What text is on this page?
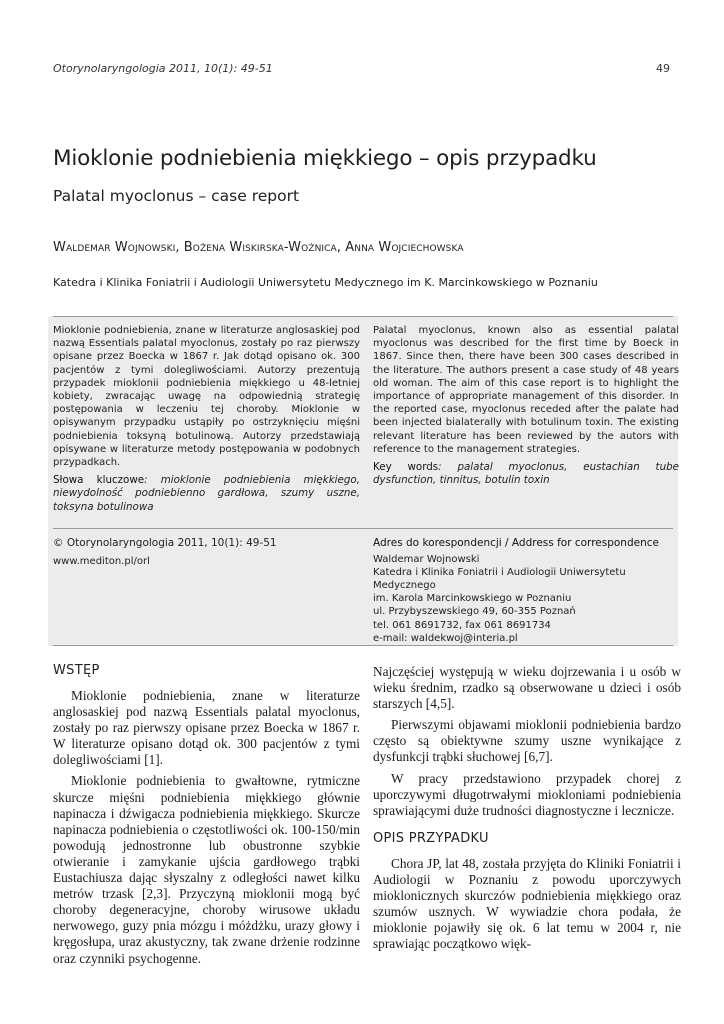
Otorynolaryngologia 2011, 10(1): 49-51	49
Mioklonie podniebienia miękkiego – opis przypadku
Palatal myoclonus – case report
Waldemar Wojnowski, Bożena Wiskirska-Woźnica, Anna Wojciechowska
Katedra i Klinika Foniatrii i Audiologii Uniwersytetu Medycznego im K. Marcinkowskiego w Poznaniu
Mioklonie podniebienia, znane w literaturze anglosaskiej pod nazwą Essentials palatal myoclonus, zostały po raz pierwszy opisane przez Boecka w 1867 r. Jak dotąd opisano ok. 300 pacjentów z tymi dolegliwościami. Autorzy prezentują przypadek mioklonii podniebienia miękkiego u 48-letniej kobiety, zwracając uwagę na odpowiednią strategię postępowania w leczeniu tej choroby. Mioklonie w opisywanym przypadku ustąpiły po ostrzyknięciu mięśni podniebienia toksyną botulinową. Autorzy przedstawiają opisywane w literaturze metody postępowania w podobnych przypadkach.
Słowa kluczowe: mioklonie podniebienia miękkiego, niewydolność podniebienno gardłowa, szumy uszne, toksyna botulinowa
Palatal myoclonus, known also as essential palatal myoclonus was described for the first time by Boeck in 1867. Since then, there have been 300 cases described in the literature. The authors present a case study of 48 years old woman. The aim of this case report is to highlight the importance of appropriate management of this disorder. In the reported case, myoclonus receded after the palate had been injected bialaterally with botulinum toxin. The existing relevant literature has been reviewed by the autors with reference to the management strategies.
Key words: palatal myoclonus, eustachian tube dysfunction, tinnitus, botulin toxin
© Otorynolaryngologia 2011, 10(1): 49-51
www.mediton.pl/orl
Adres do korespondencji / Address for correspondence
Waldemar Wojnowski
Katedra i Klinika Foniatrii i Audiologii Uniwersytetu Medycznego
im. Karola Marcinkowskiego w Poznaniu
ul. Przybyszewskiego 49, 60-355 Poznań
tel. 061 8691732, fax 061 8691734
e-mail: waldekwoj@interia.pl
WSTĘP

Mioklonie podniebienia, znane w literaturze anglosaskiej pod nazwą Essentials palatal myoclonus, zostały po raz pierwszy opisane przez Boecka w 1867 r. W literaturze opisano dotąd ok. 300 pacjentów z tymi dolegliwościami [1].

Mioklonie podniebienia to gwałtowne, rytmiczne skurcze mięśni podniebienia miękkiego głównie napinacza i dźwigacza podniebienia miękkiego. Skurcze napinacza podniebienia o częstotliwości ok. 100-150/min powodują jednostronne lub obustronne szybkie otwieranie i zamykanie ujścia gardłowego trąbki Eustachiusza dając słyszalny z odległości nawet kilku metrów trzask [2,3]. Przyczyną mioklonii mogą być choroby degeneracyjne, choroby wirusowe układu nerwowego, guzy pnia mózgu i móżdżku, urazy głowy i kręgosłupa, uraz akustyczny, tak zwane drżenie rodzinne oraz czynniki psychogenne.

Najczęściej występują w wieku dojrzewania i u osób w wieku średnim, rzadko są obserwowane u dzieci i osób starszych [4,5].

Pierwszymi objawami mioklonii podniebienia bardzo często są obiektywne szumy uszne wynikające z dysfunkcji trąbki słuchowej [6,7].

W pracy przedstawiono przypadek chorej z uporczywymi długotrwałymi miokloniami podniebienia sprawiającymi duże trudności diagnostyczne i lecznicze.

OPIS PRZYPADKU

Chora JP, lat 48, została przyjęta do Kliniki Foniatrii i Audiologii w Poznaniu z powodu uporczywych mioklonicznych skurczów podniebienia miękkiego oraz szumów usznych. W wywiadzie chora podała, że mioklonie pojawiły się ok. 6 lat temu w 2004 r, nie sprawiając początkowo więk-
